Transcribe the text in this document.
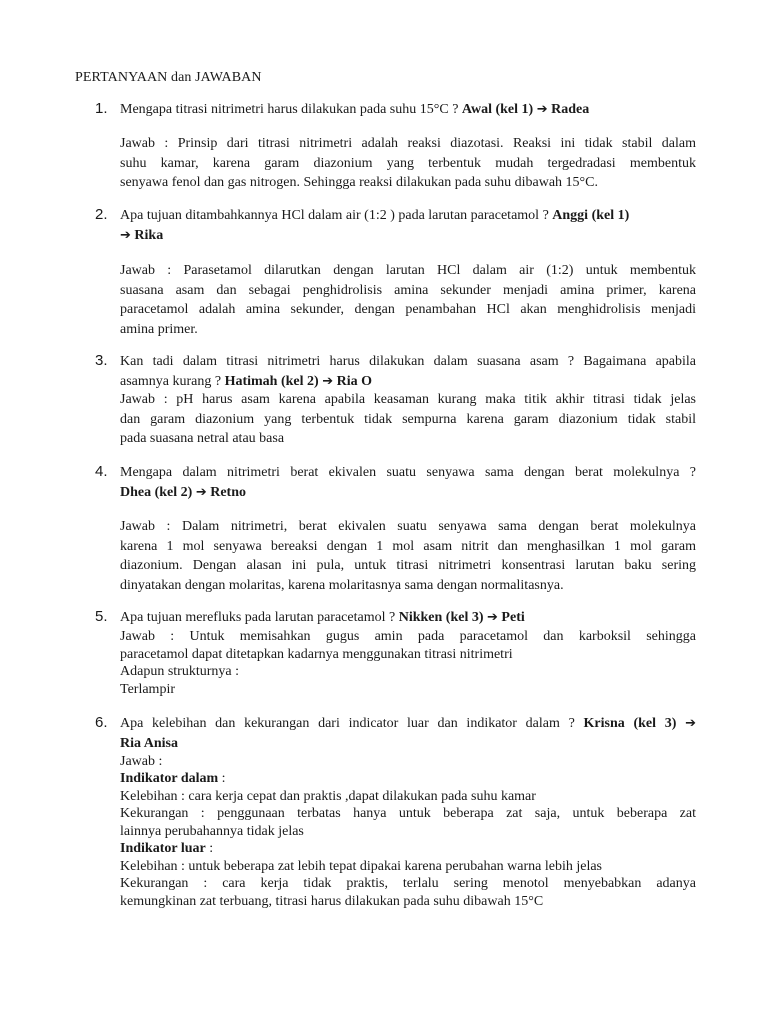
PERTANYAAN dan JAWABAN
1. Mengapa titrasi nitrimetri harus dilakukan pada suhu 15°C ? Awal (kel 1) ➔ Radea
Jawab : Prinsip dari titrasi nitrimetri adalah reaksi diazotasi. Reaksi ini tidak stabil dalam
suhu kamar, karena garam diazonium yang terbentuk mudah tergedradasi membentuk
senyawa fenol dan gas nitrogen. Sehingga reaksi dilakukan pada suhu dibawah 15°C.
2. Apa tujuan ditambahkannya HCl dalam air (1:2 ) pada larutan paracetamol ? Anggi (kel 1)
➔ Rika
Jawab : Parasetamol dilarutkan dengan larutan HCl dalam air (1:2) untuk membentuk
suasana asam dan sebagai penghidrolisis amina sekunder menjadi amina primer, karena
paracetamol adalah amina sekunder, dengan penambahan HCl akan menghidrolisis menjadi
amina primer.
3. Kan tadi dalam titrasi nitrimetri harus dilakukan dalam suasana asam ? Bagaimana apabila
asamnya kurang ? Hatimah (kel 2) ➔ Ria O
Jawab : pH harus asam karena apabila keasaman kurang maka titik akhir titrasi tidak jelas
dan garam diazonium yang terbentuk tidak sempurna karena garam diazonium tidak stabil
pada suasana netral atau basa
4. Mengapa dalam nitrimetri berat ekivalen suatu senyawa sama dengan berat molekulnya ?
Dhea (kel 2) ➔ Retno
Jawab : Dalam nitrimetri, berat ekivalen suatu senyawa sama dengan berat molekulnya
karena 1 mol senyawa bereaksi dengan 1 mol asam nitrit dan menghasilkan 1 mol garam
diazonium. Dengan alasan ini pula, untuk titrasi nitrimetri konsentrasi larutan baku sering
dinyatakan dengan molaritas, karena molaritasnya sama dengan normalitasnya.
5. Apa tujuan merefluks pada larutan paracetamol ? Nikken (kel 3) ➔ Peti
Jawab : Untuk memisahkan gugus amin pada paracetamol dan karboksil sehingga
paracetamol dapat ditetapkan kadarnya menggunakan titrasi nitrimetri
Adapun strukturnya :
Terlampir
6. Apa kelebihan dan kekurangan dari indicator luar dan indikator dalam ? Krisna (kel 3) ➔
Ria Anisa
Jawab :
Indikator dalam :
Kelebihan : cara kerja cepat dan praktis ,dapat dilakukan pada suhu kamar
Kekurangan : penggunaan terbatas hanya untuk beberapa zat saja, untuk beberapa zat
lainnya perubahannya tidak jelas
Indikator luar :
Kelebihan : untuk beberapa zat lebih tepat dipakai karena perubahan warna lebih jelas
Kekurangan : cara kerja tidak praktis, terlalu sering menotol menyebabkan adanya
kemungkinan zat terbuang, titrasi harus dilakukan pada suhu dibawah 15°C
